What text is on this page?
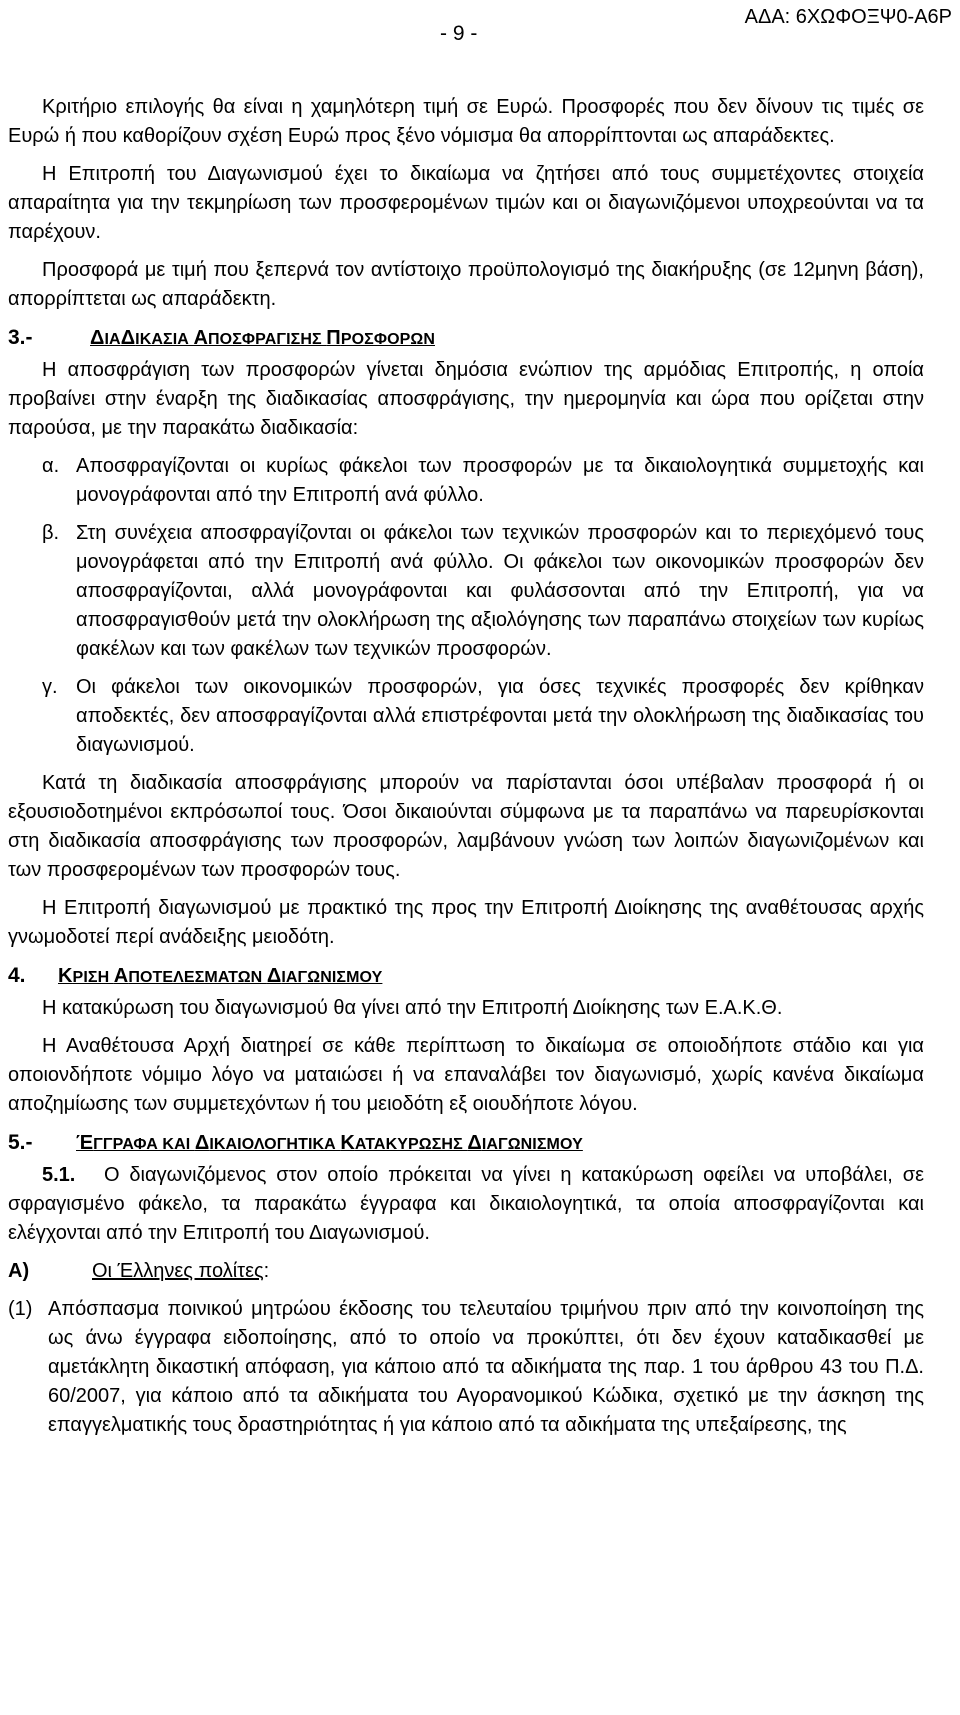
- 9 -
ΑΔΑ: 6ΧΩΦΟΞΨ0-Α6Ρ

Κριτήριο επιλογής θα είναι η χαμηλότερη τιμή σε Ευρώ. Προσφορές που δεν δίνουν τις τιμές σε Ευρώ ή που καθορίζουν σχέση Ευρώ προς ξένο νόμισμα θα απορρίπτονται ως απαράδεκτες.

Η Επιτροπή του Διαγωνισμού έχει το δικαίωμα να ζητήσει από τους συμμετέχοντες στοιχεία απαραίτητα για την τεκμηρίωση των προσφερομένων τιμών και οι διαγωνιζόμενοι υποχρεούνται να τα παρέχουν.

Προσφορά με τιμή που ξεπερνά τον αντίστοιχο προϋπολογισμό της διακήρυξης (σε 12μηνη βάση), απορρίπτεται ως απαράδεκτη.

3.-	ΔΙΑΔΙΚΑΣΙΑ ΑΠΟΣΦΡΑΓΙΣΗΣ ΠΡΟΣΦΟΡΩΝ

Η αποσφράγιση των προσφορών γίνεται δημόσια ενώπιον της αρμόδιας Επιτροπής, η οποία προβαίνει στην έναρξη της διαδικασίας αποσφράγισης, την ημερομηνία και ώρα που ορίζεται στην παρούσα, με την παρακάτω διαδικασία:

α. Αποσφραγίζονται οι κυρίως φάκελοι των προσφορών με τα δικαιολογητικά συμμετοχής και μονογράφονται από την Επιτροπή ανά φύλλο.
β. Στη συνέχεια αποσφραγίζονται οι φάκελοι των τεχνικών προσφορών και το περιεχόμενό τους μονογράφεται από την Επιτροπή ανά φύλλο. Οι φάκελοι των οικονομικών προσφορών δεν αποσφραγίζονται, αλλά μονογράφονται και φυλάσσονται από την Επιτροπή, για να αποσφραγισθούν μετά την ολοκλήρωση της αξιολόγησης των παραπάνω στοιχείων των κυρίως φακέλων και των φακέλων των τεχνικών προσφορών.
γ. Οι φάκελοι των οικονομικών προσφορών, για όσες τεχνικές προσφορές δεν κρίθηκαν αποδεκτές, δεν αποσφραγίζονται αλλά επιστρέφονται μετά την ολοκλήρωση της διαδικασίας του διαγωνισμού.

Κατά τη διαδικασία αποσφράγισης μπορούν να παρίστανται όσοι υπέβαλαν προσφορά ή οι εξουσιοδοτημένοι εκπρόσωποί τους. Όσοι δικαιούνται σύμφωνα με τα παραπάνω να παρευρίσκονται στη διαδικασία αποσφράγισης των προσφορών, λαμβάνουν γνώση των λοιπών διαγωνιζομένων και των προσφερομένων των προσφορών τους.

Η Επιτροπή διαγωνισμού με πρακτικό της προς την Επιτροπή Διοίκησης της αναθέτουσας αρχής γνωμοδοτεί περί ανάδειξης μειοδότη.

4. ΚΡΙΣΗ ΑΠΟΤΕΛΕΣΜΑΤΩΝ ΔΙΑΓΩΝΙΣΜΟΥ

Η κατακύρωση του διαγωνισμού θα γίνει από την Επιτροπή Διοίκησης των Ε.Α.Κ.Θ.

Η Αναθέτουσα Αρχή διατηρεί σε κάθε περίπτωση το δικαίωμα σε οποιοδήποτε στάδιο και για οποιονδήποτε νόμιμο λόγο να ματαιώσει ή να επαναλάβει τον διαγωνισμό, χωρίς κανένα δικαίωμα αποζημίωσης των συμμετεχόντων ή του μειοδότη εξ οιουδήποτε λόγου.

5.- ΈΓΓΡΑΦΑ ΚΑΙ ΔΙΚΑΙΟΛΟΓΗΤΙΚΑ ΚΑΤΑΚΥΡΩΣΗΣ ΔΙΑΓΩΝΙΣΜΟΥ

5.1. Ο διαγωνιζόμενος στον οποίο πρόκειται να γίνει η κατακύρωση οφείλει να υποβάλει, σε σφραγισμένο φάκελο, τα παρακάτω έγγραφα και δικαιολογητικά, τα οποία αποσφραγίζονται και ελέγχονται από την Επιτροπή του Διαγωνισμού.

Α)	Οι Έλληνες πολίτες:
(1) Απόσπασμα ποινικού μητρώου έκδοσης του τελευταίου τριμήνου πριν από την κοινοποίηση της ως άνω έγγραφα ειδοποίησης, από το οποίο να προκύπτει, ότι δεν έχουν καταδικασθεί με αμετάκλητη δικαστική απόφαση, για κάποιο από τα αδικήματα της παρ. 1 του άρθρου 43 του Π.Δ. 60/2007, για κάποιο από τα αδικήματα του Αγορανομικού Κώδικα, σχετικό με την άσκηση της επαγγελματικής τους δραστηριότητας ή για κάποιο από τα αδικήματα της υπεξαίρεσης, της
